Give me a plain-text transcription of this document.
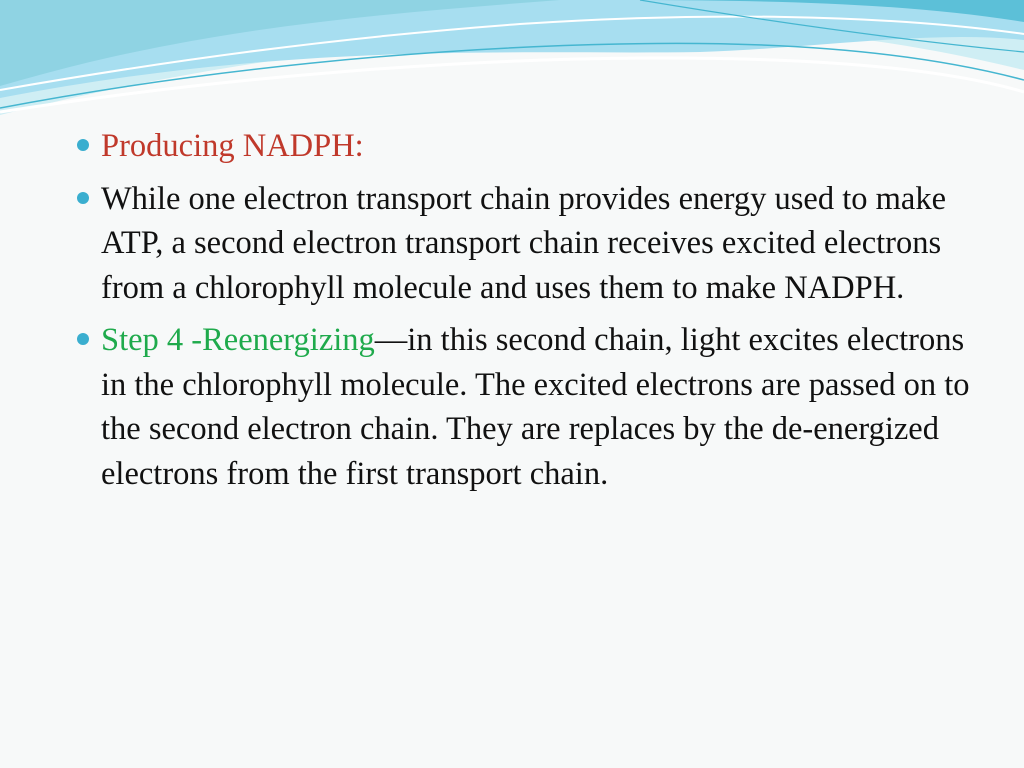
Producing NADPH:
While one electron transport chain provides energy used to make ATP, a second electron transport chain receives excited electrons from a chlorophyll molecule and uses them to make NADPH.
Step 4 -Reenergizing—in this second chain, light excites electrons in the chlorophyll molecule. The excited electrons are passed on to the second electron chain. They are replaces by the de-energized electrons from the first transport chain.
